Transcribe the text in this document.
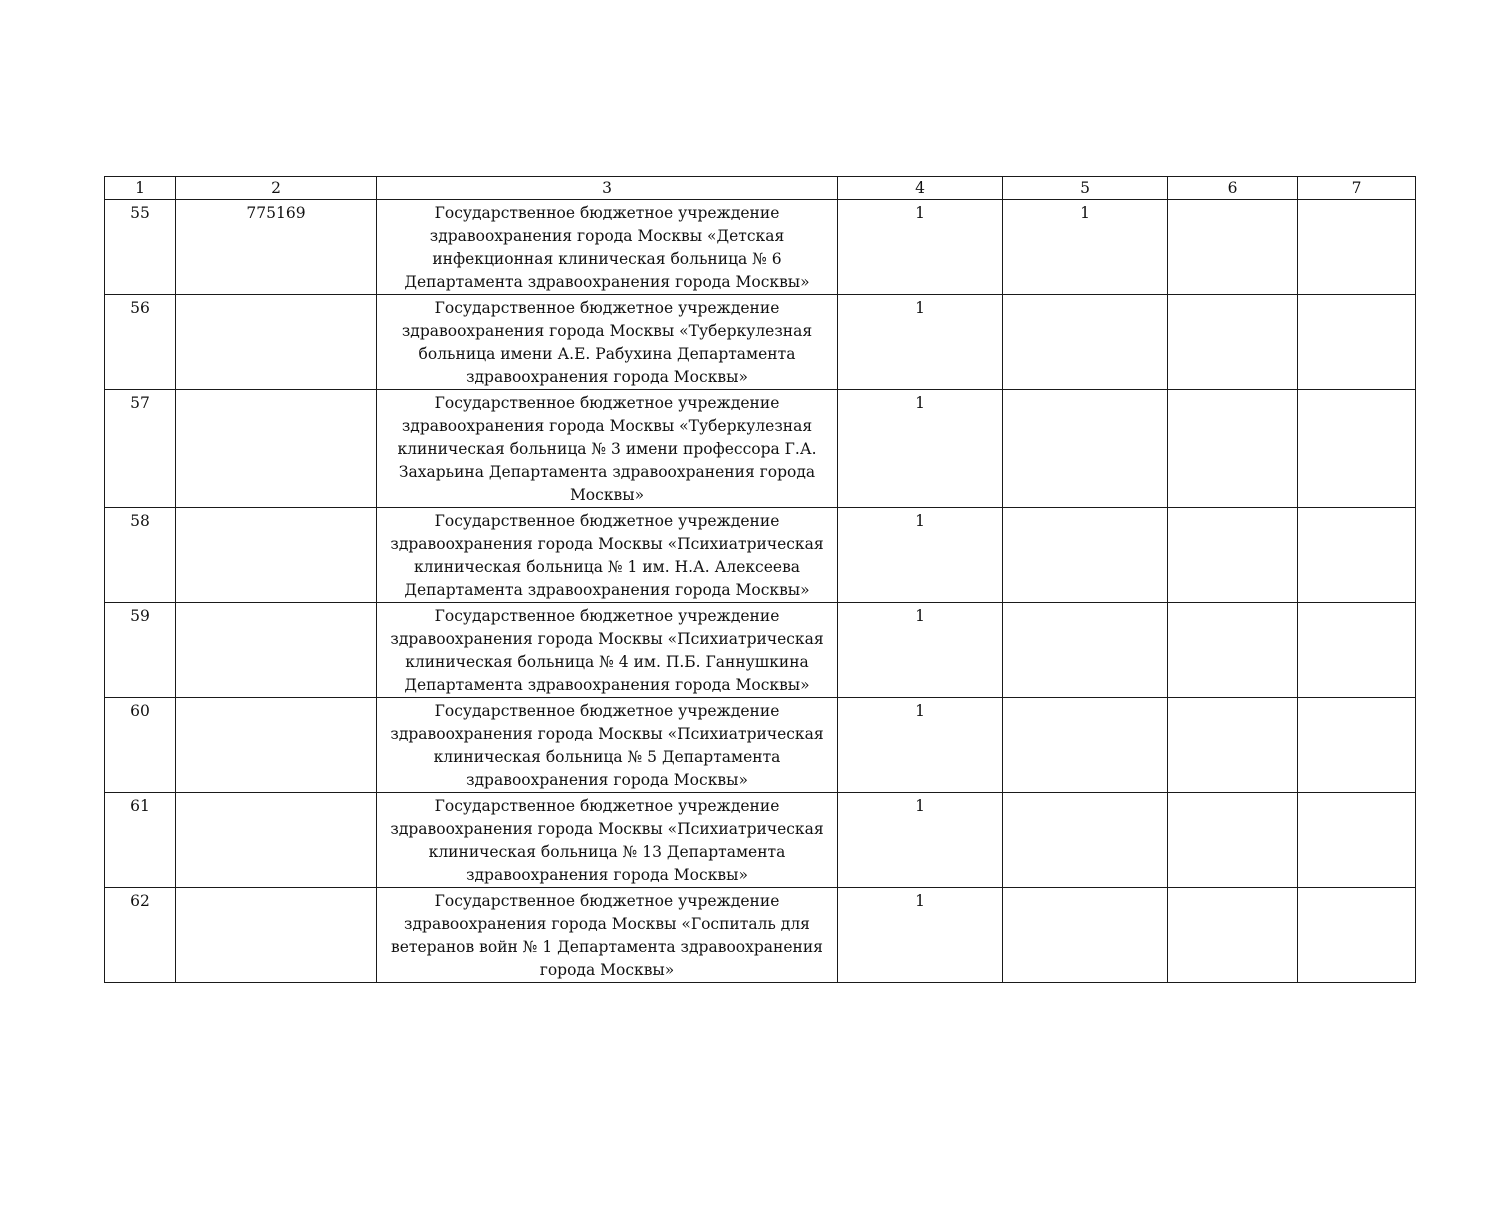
1	2	3	4	5	6	7
55	775169	Государственное бюджетное учреждение здравоохранения города Москвы «Детская инфекционная клиническая больница № 6 Департамента здравоохранения города Москвы»	1	1		
56		Государственное бюджетное учреждение здравоохранения города Москвы «Туберкулезная больница имени А.Е. Рабухина Департамента здравоохранения города Москвы»	1			
57		Государственное бюджетное учреждение здравоохранения города Москвы «Туберкулезная клиническая больница № 3 имени профессора Г.А. Захарьина Департамента здравоохранения города Москвы»	1			
58		Государственное бюджетное учреждение здравоохранения города Москвы «Психиатрическая клиническая больница № 1 им. Н.А. Алексеева Департамента здравоохранения города Москвы»	1			
59		Государственное бюджетное учреждение здравоохранения города Москвы «Психиатрическая клиническая больница № 4 им. П.Б. Ганнушкина Департамента здравоохранения города Москвы»	1			
60		Государственное бюджетное учреждение здравоохранения города Москвы «Психиатрическая клиническая больница № 5 Департамента здравоохранения города Москвы»	1			
61		Государственное бюджетное учреждение здравоохранения города Москвы «Психиатрическая клиническая больница № 13 Департамента здравоохранения города Москвы»	1			
62		Государственное бюджетное учреждение здравоохранения города Москвы «Госпиталь для ветеранов войн № 1 Департамента здравоохранения города Москвы»	1			
